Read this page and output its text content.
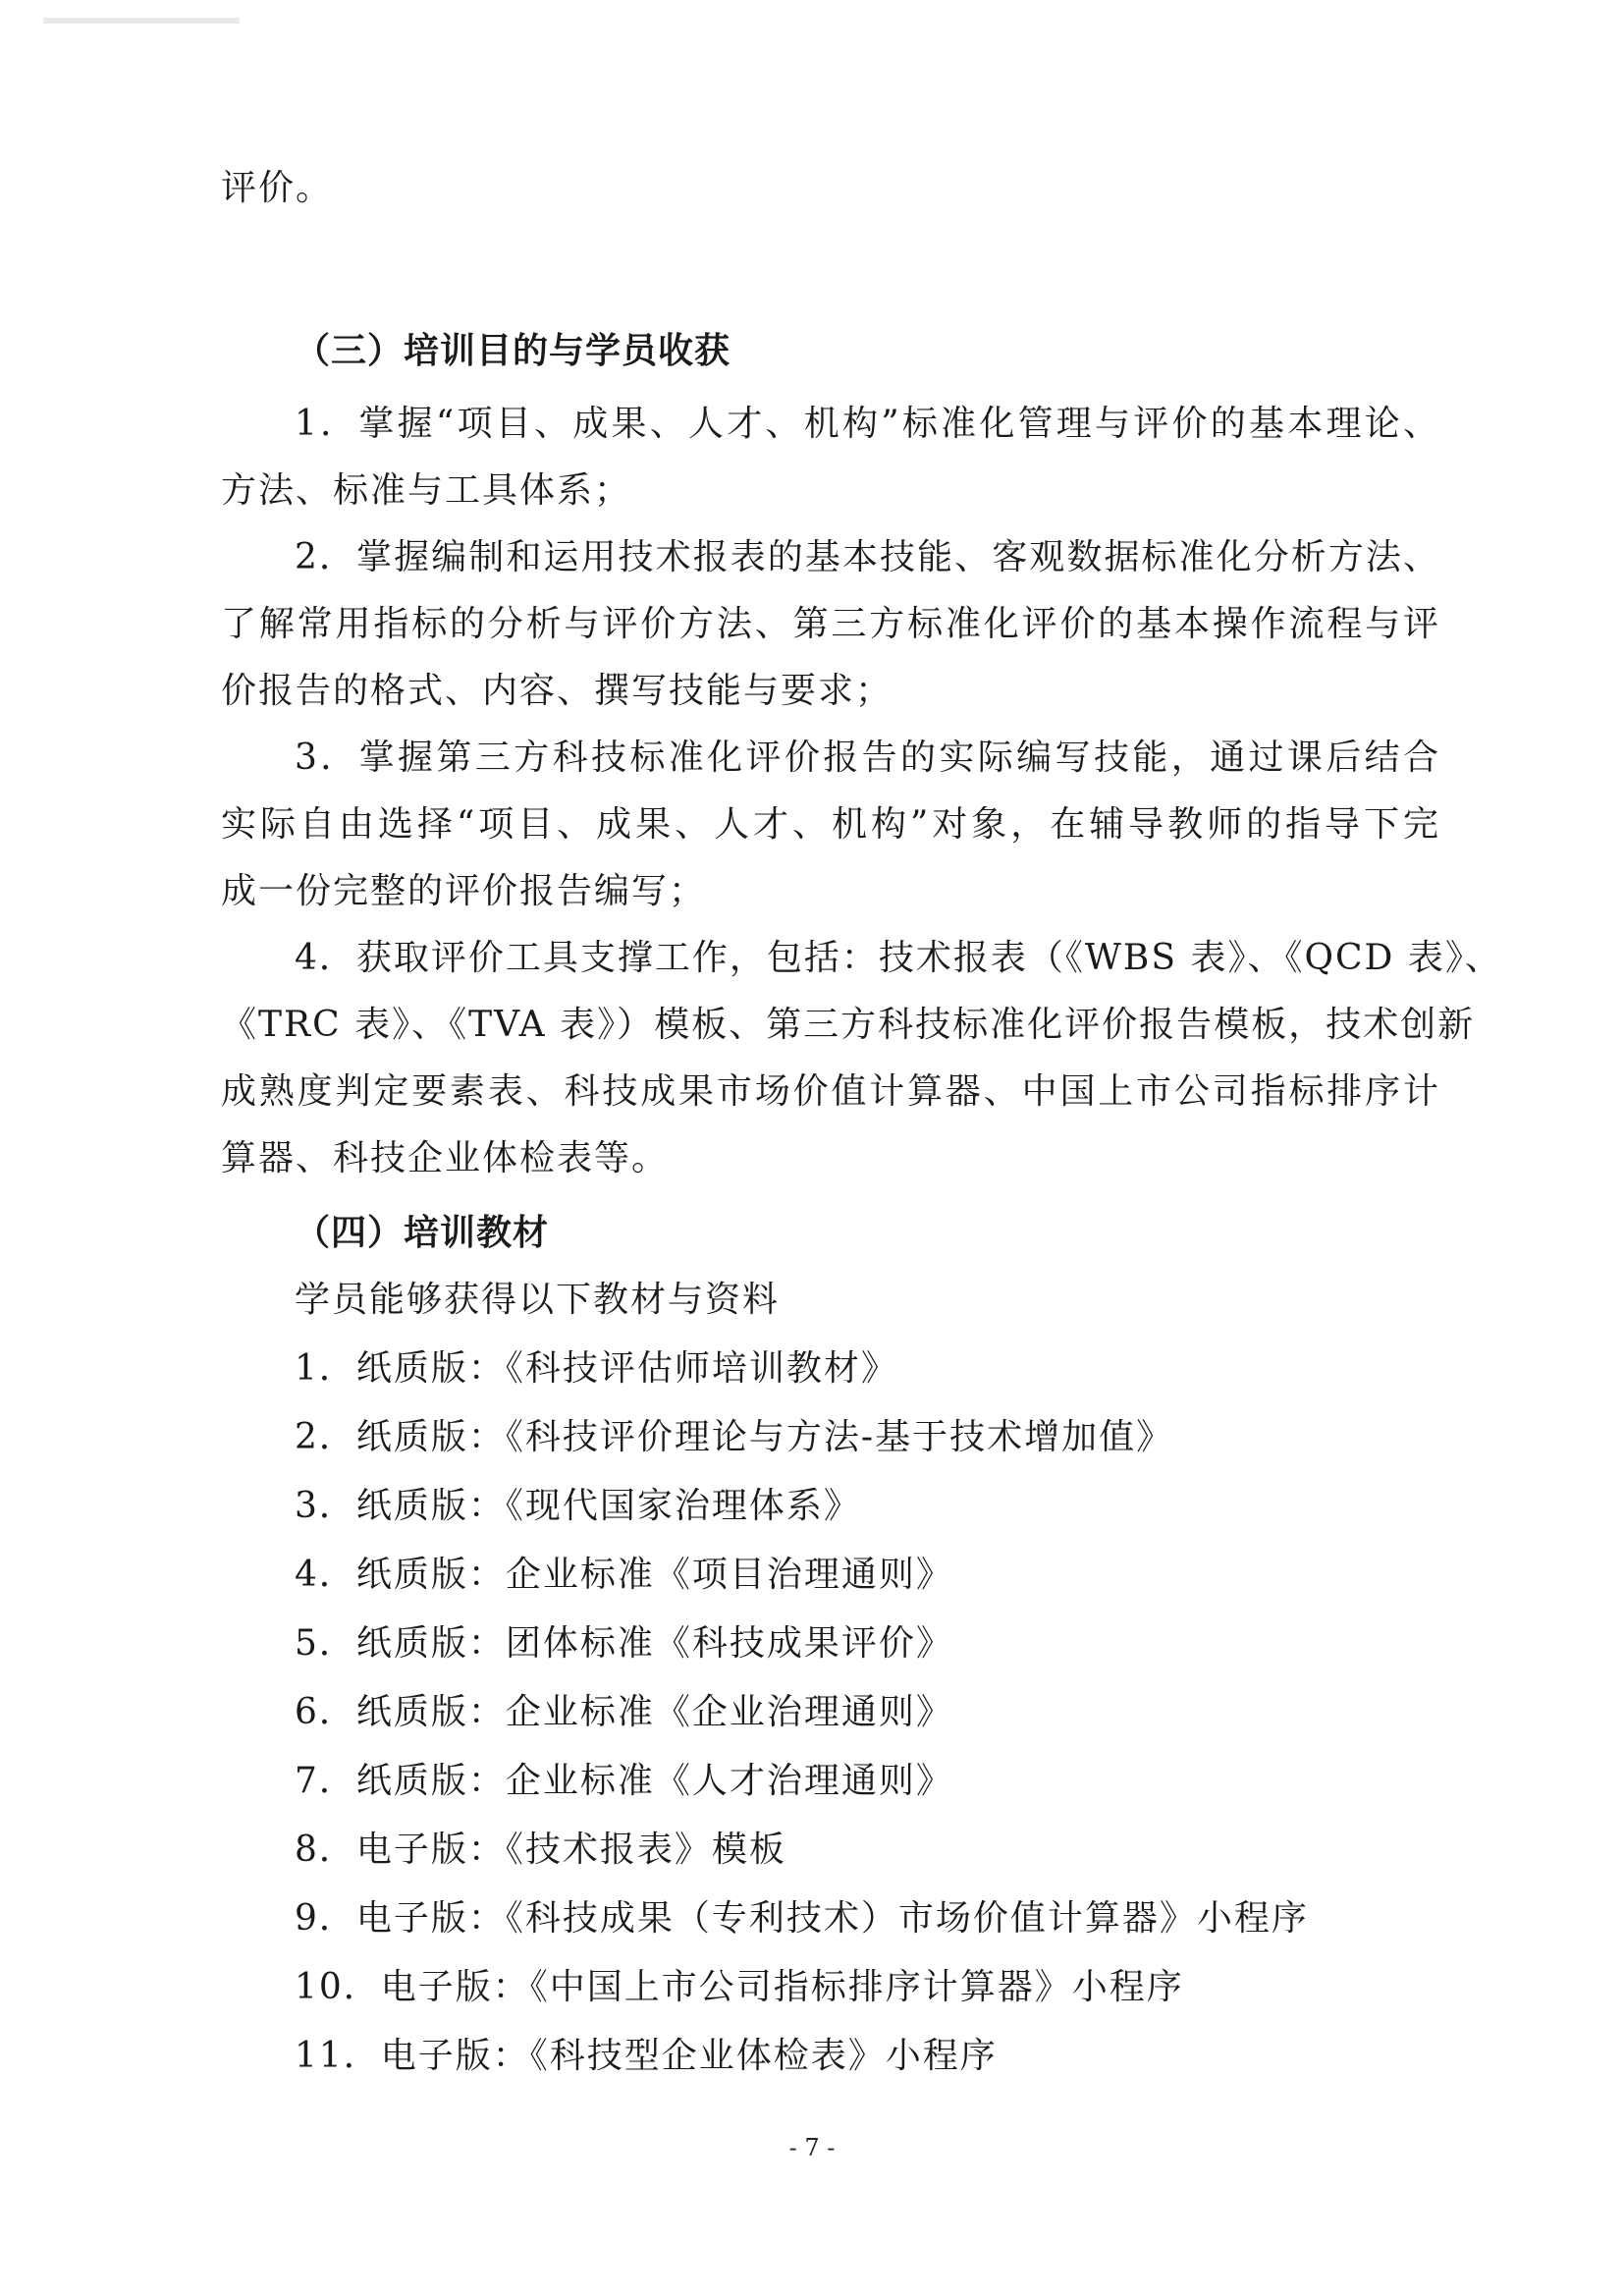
评价。
（三）培训目的与学员收获
1．掌握“项目、成果、人才、机构”标准化管理与评价的基本理论、
方法、标准与工具体系；
2．掌握编制和运用技术报表的基本技能、客观数据标准化分析方法、
了解常用指标的分析与评价方法、第三方标准化评价的基本操作流程与评
价报告的格式、内容、撰写技能与要求；
3．掌握第三方科技标准化评价报告的实际编写技能，通过课后结合
实际自由选择“项目、成果、人才、机构”对象，在辅导教师的指导下完
成一份完整的评价报告编写；
4．获取评价工具支撑工作，包括：技术报表（《WBS 表》、《QCD 表》、
《TRC 表》、《TVA 表》）模板、第三方科技标准化评价报告模板，技术创新
成熟度判定要素表、科技成果市场价值计算器、中国上市公司指标排序计
算器、科技企业体检表等。
（四）培训教材
学员能够获得以下教材与资料
1．纸质版：《科技评估师培训教材》
2．纸质版：《科技评价理论与方法-基于技术增加值》
3．纸质版：《现代国家治理体系》
4．纸质版：企业标准《项目治理通则》
5．纸质版：团体标准《科技成果评价》
6．纸质版：企业标准《企业治理通则》
7．纸质版：企业标准《人才治理通则》
8．电子版：《技术报表》模板
9．电子版：《科技成果（专利技术）市场价值计算器》小程序
10．电子版：《中国上市公司指标排序计算器》小程序
11．电子版：《科技型企业体检表》小程序
- 7 -
